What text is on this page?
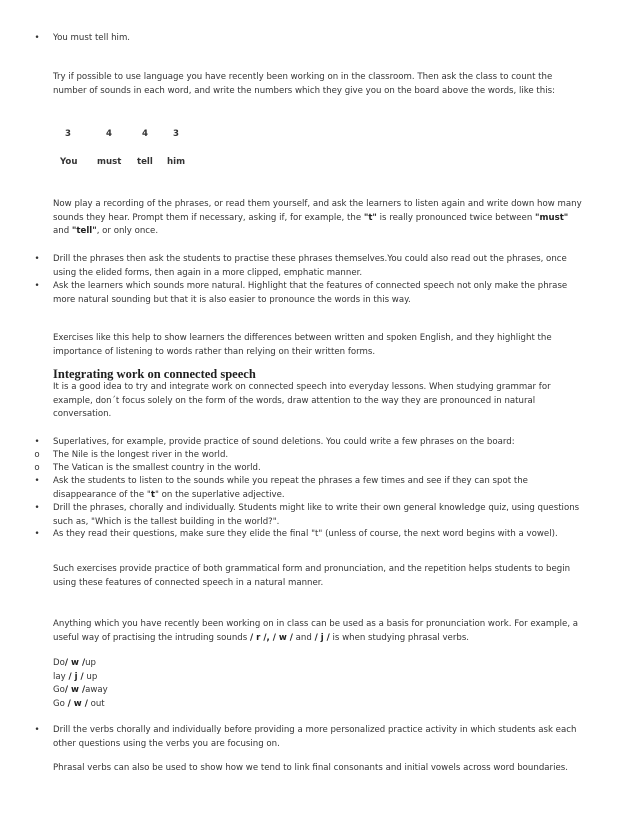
• You must tell him.

Try if possible to use language you have recently been working on in the classroom. Then ask the class to count the number of sounds in each word, and write the numbers which they give you on the board above the words, like this:

3	4	4	3
You must tell him

Now play a recording of the phrases, or read them yourself, and ask the learners to listen again and write down how many sounds they hear. Prompt them if necessary, asking if, for example, the "t" is really pronounced twice between "must" and "tell", or only once.

• Drill the phrases then ask the students to practise these phrases themselves.You could also read out the phrases, once using the elided forms, then again in a more clipped, emphatic manner.

• Ask the learners which sounds more natural. Highlight that the features of connected speech not only make the phrase more natural sounding but that it is also easier to pronounce the words in this way.

Exercises like this help to show learners the differences between written and spoken English, and they highlight the importance of listening to words rather than relying on their written forms.

Integrating work on connected speech

It is a good idea to try and integrate work on connected speech into everyday lessons. When studying grammar for example, don´t focus solely on the form of the words, draw attention to the way they are pronounced in natural conversation.

• Superlatives, for example, provide practice of sound deletions. You could write a few phrases on the board:

o The Nile is the longest river in the world.

o The Vatican is the smallest country in the world.

• Ask the students to listen to the sounds while you repeat the phrases a few times and see if they can spot the disappearance of the "t" on the superlative adjective.

• Drill the phrases, chorally and individually. Students might like to write their own general knowledge quiz, using questions such as, "Which is the tallest building in the world?".

• As they read their questions, make sure they elide the final "t" (unless of course, the next word begins with a vowel).

Such exercises provide practice of both grammatical form and pronunciation, and the repetition helps students to begin using these features of connected speech in a natural manner.

Anything which you have recently been working on in class can be used as a basis for pronunciation work. For example, a useful way of practising the intruding sounds / r /, / w / and / j / is when studying phrasal verbs.

Do/ w /up
lay / j / up
Go/ w /away
Go / w / out
• Drill the verbs chorally and individually before providing a more personalized practice activity in which students ask each other questions using the verbs you are focusing on.

Phrasal verbs can also be used to show how we tend to link final consonants and initial vowels across word boundaries.
